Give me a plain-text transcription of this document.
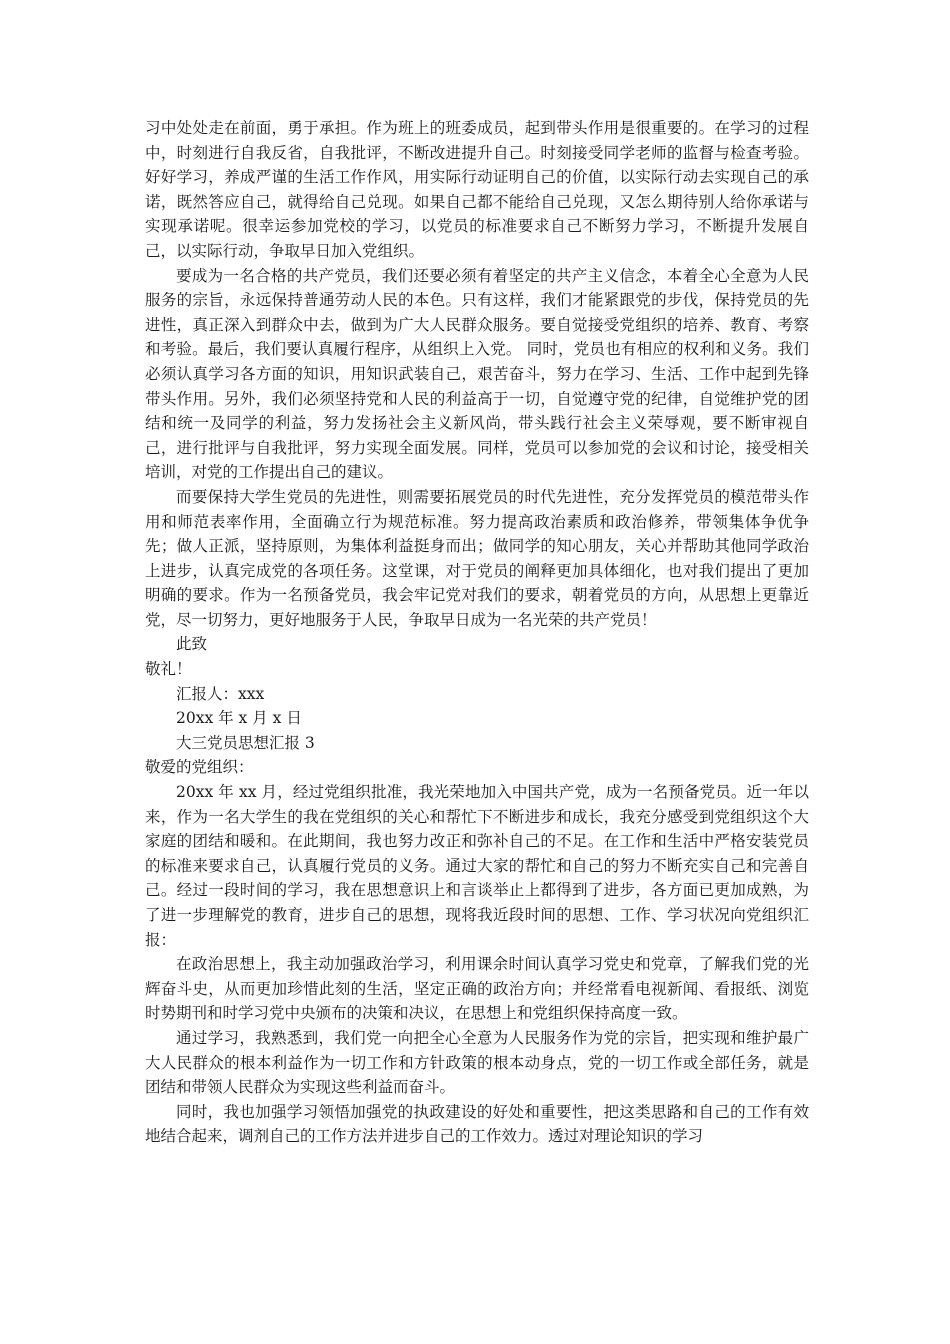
习中处处走在前面，勇于承担。作为班上的班委成员，起到带头作用是很重要的。在学习的过程中，时刻进行自我反省，自我批评，不断改进提升自己。时刻接受同学老师的监督与检查考验。好好学习，养成严谨的生活工作作风，用实际行动证明自己的价值，以实际行动去实现自己的承诺，既然答应自己，就得给自己兑现。如果自己都不能给自己兑现，又怎么期待别人给你承诺与实现承诺呢。很幸运参加党校的学习，以党员的标准要求自己不断努力学习，不断提升发展自己，以实际行动，争取早日加入党组织。

要成为一名合格的共产党员，我们还要必须有着坚定的共产主义信念，本着全心全意为人民服务的宗旨，永远保持普通劳动人民的本色。只有这样，我们才能紧跟党的步伐，保持党员的先进性，真正深入到群众中去，做到为广大人民群众服务。要自觉接受党组织的培养、教育、考察和考验。最后，我们要认真履行程序，从组织上入党。 同时，党员也有相应的权利和义务。我们必须认真学习各方面的知识，用知识武装自己，艰苦奋斗，努力在学习、生活、工作中起到先锋带头作用。另外，我们必须坚持党和人民的利益高于一切，自觉遵守党的纪律，自觉维护党的团结和统一及同学的利益，努力发扬社会主义新风尚，带头践行社会主义荣辱观，要不断审视自己，进行批评与自我批评，努力实现全面发展。同样，党员可以参加党的会议和讨论，接受相关培训，对党的工作提出自己的建议。

而要保持大学生党员的先进性，则需要拓展党员的时代先进性，充分发挥党员的模范带头作用和师范表率作用，全面确立行为规范标准。努力提高政治素质和政治修养，带领集体争优争先；做人正派，坚持原则，为集体利益挺身而出；做同学的知心朋友，关心并帮助其他同学政治上进步，认真完成党的各项任务。这堂课，对于党员的阐释更加具体细化，也对我们提出了更加明确的要求。作为一名预备党员，我会牢记党对我们的要求，朝着党员的方向，从思想上更靠近党，尽一切努力，更好地服务于人民，争取早日成为一名光荣的共产党员！

此致

敬礼！

汇报人：xxx

20xx 年 x 月 x 日

大三党员思想汇报 3

敬爱的党组织：

20xx 年 xx 月，经过党组织批准，我光荣地加入中国共产党，成为一名预备党员。近一年以来，作为一名大学生的我在党组织的关心和帮忙下不断进步和成长，我充分感受到党组织这个大家庭的团结和暖和。在此期间，我也努力改正和弥补自己的不足。在工作和生活中严格安装党员的标准来要求自己，认真履行党员的义务。通过大家的帮忙和自己的努力不断充实自己和完善自己。经过一段时间的学习，我在思想意识上和言谈举止上都得到了进步，各方面已更加成熟，为了进一步理解党的教育，进步自己的思想，现将我近段时间的思想、工作、学习状况向党组织汇报：

在政治思想上，我主动加强政治学习，利用课余时间认真学习党史和党章，了解我们党的光辉奋斗史，从而更加珍惜此刻的生活，坚定正确的政治方向；并经常看电视新闻、看报纸、浏览时势期刊和时学习党中央颁布的决策和决议，在思想上和党组织保持高度一致。

通过学习，我熟悉到，我们党一向把全心全意为人民服务作为党的宗旨，把实现和维护最广大人民群众的根本利益作为一切工作和方针政策的根本动身点，党的一切工作或全部任务，就是团结和带领人民群众为实现这些利益而奋斗。

同时，我也加强学习领悟加强党的执政建设的好处和重要性，把这类思路和自己的工作有效地结合起来，调剂自己的工作方法并进步自己的工作效力。透过对理论知识的学习
